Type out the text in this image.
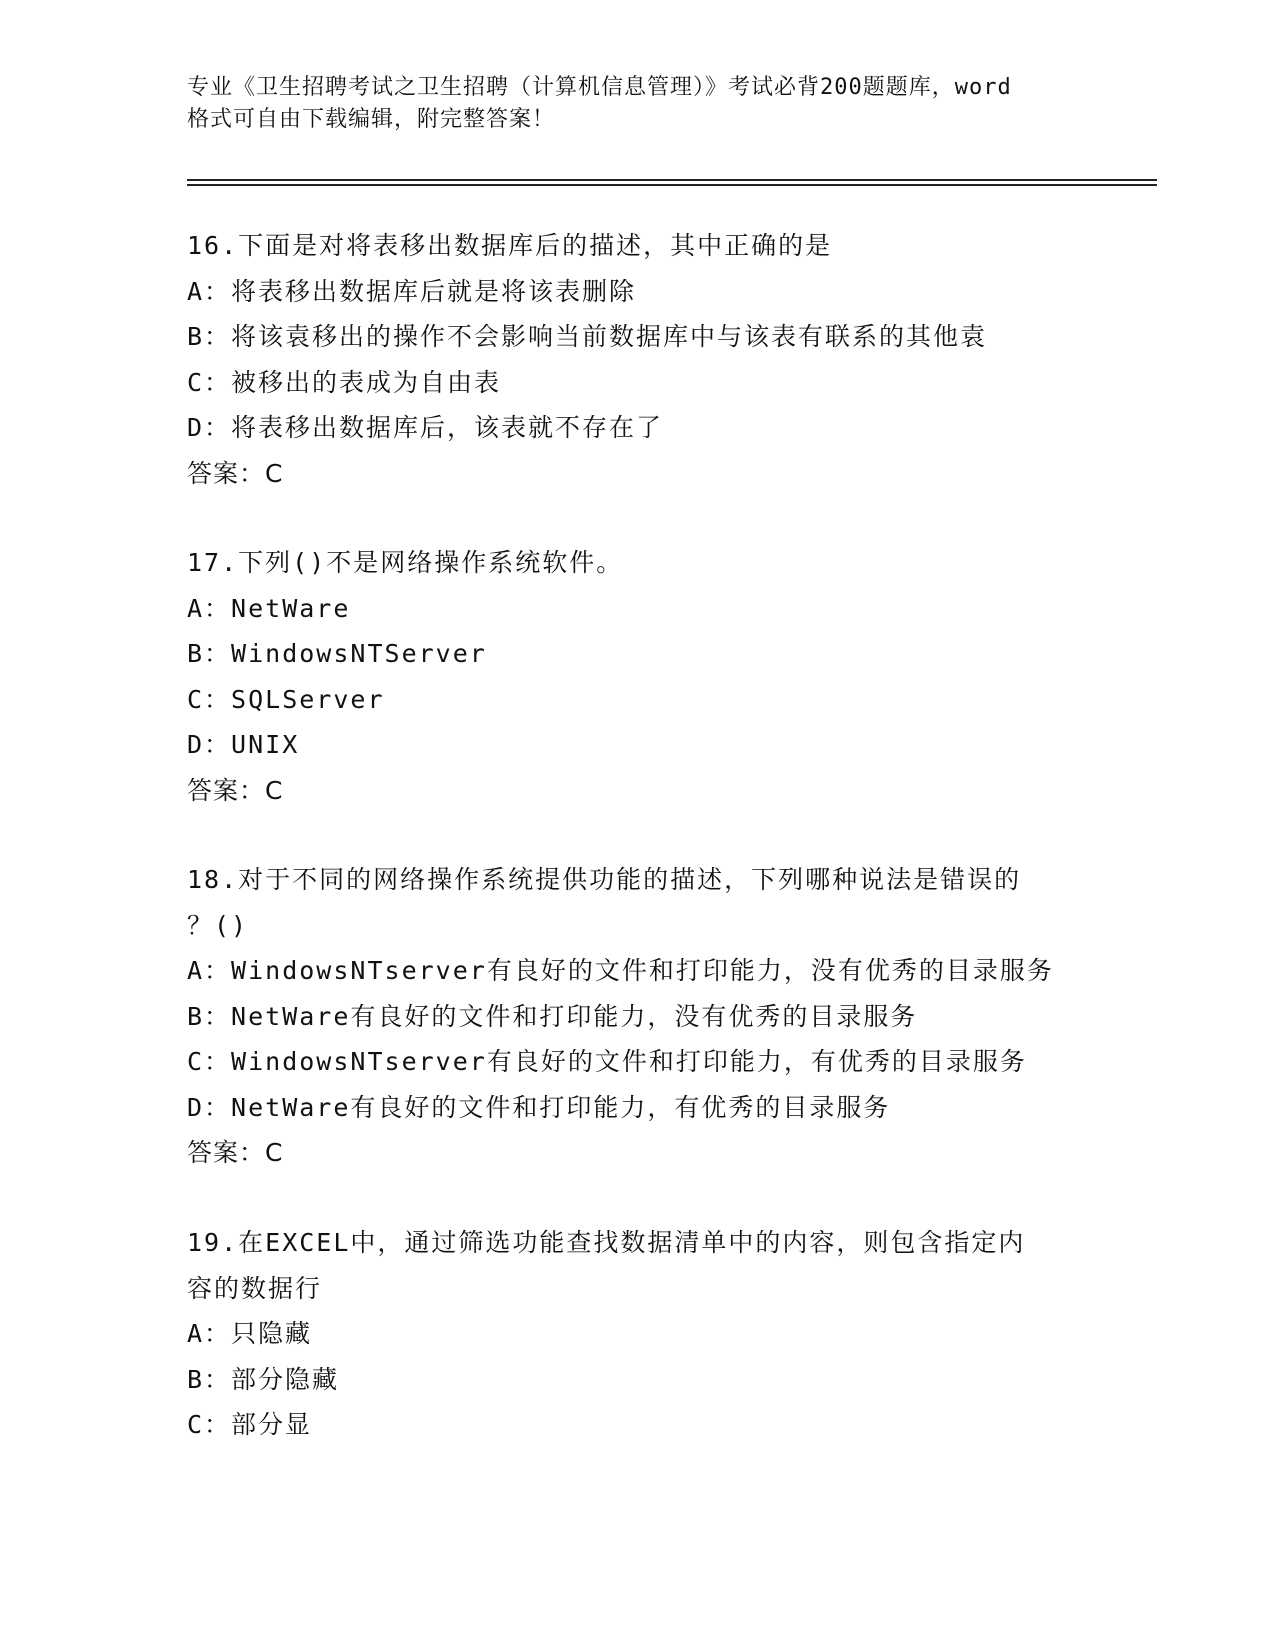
专业《卫生招聘考试之卫生招聘（计算机信息管理）》考试必背200题题库，word
格式可自由下载编辑，附完整答案！
16.下面是对将表移出数据库后的描述，其中正确的是
A：将表移出数据库后就是将该表删除
B：将该袁移出的操作不会影响当前数据库中与该表有联系的其他袁
C：被移出的表成为自由表
D：将表移出数据库后，该表就不存在了
答案：C
17.下列()不是网络操作系统软件。
A：NetWare
B：WindowsNTServer
C：SQLServer
D：UNIX
答案：C
18.对于不同的网络操作系统提供功能的描述，下列哪种说法是错误的
？()
A：WindowsNTserver有良好的文件和打印能力，没有优秀的目录服务
B：NetWare有良好的文件和打印能力，没有优秀的目录服务
C：WindowsNTserver有良好的文件和打印能力，有优秀的目录服务
D：NetWare有良好的文件和打印能力，有优秀的目录服务
答案：C
19.在EXCEL中，通过筛选功能查找数据清单中的内容，则包含指定内
容的数据行
A：只隐藏
B：部分隐藏
C：部分显
